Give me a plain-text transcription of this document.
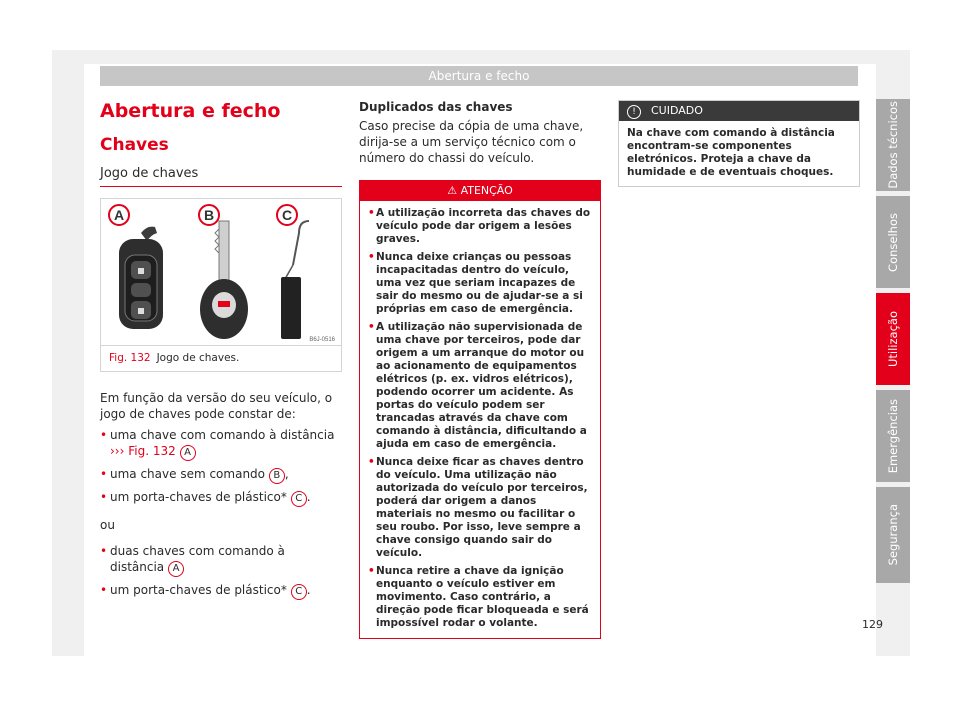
Abertura e fecho
Dados técnicos
Conselhos
Utilização
Emergências
Segurança
Abertura e fecho
Chaves
Jogo de chaves
A	B	C
B6J-0516
Fig. 132 Jogo de chaves.
Em função da versão do seu veículo, o jogo de chaves pode constar de:
• uma chave com comando à distância
››› Fig. 132 A
• uma chave sem comando B ,
• um porta-chaves de plástico* C .
ou
• duas chaves com comando à distância A
• um porta-chaves de plástico* C .
Duplicados das chaves
Caso precise da cópia de uma chave, dirija-se a um serviço técnico com o número do chassi do veículo.
⚠ ATENÇÃO
• A utilização incorreta das chaves do veículo pode dar origem a lesões graves.
• Nunca deixe crianças ou pessoas incapacitadas dentro do veículo, uma vez que seriam incapazes de sair do mesmo ou de ajudar-se a si próprias em caso de emergência.
• A utilização não supervisionada de uma chave por terceiros, pode dar origem a um arranque do motor ou ao acionamento de equipamentos elétricos (p. ex. vidros elétricos), podendo ocorrer um acidente. As portas do veículo podem ser trancadas através da chave com comando à distância, dificultando a ajuda em caso de emergência.
• Nunca deixe ficar as chaves dentro do veículo. Uma utilização não autorizada do veículo por terceiros, poderá dar origem a danos materiais no mesmo ou facilitar o seu roubo. Por isso, leve sempre a chave consigo quando sair do veículo.
• Nunca retire a chave da ignição enquanto o veículo estiver em movimento. Caso contrário, a direção pode ficar bloqueada e será impossível rodar o volante.
! CUIDADO
Na chave com comando à distância encontram-se componentes eletrónicos. Proteja a chave da humidade e de eventuais choques.
129
